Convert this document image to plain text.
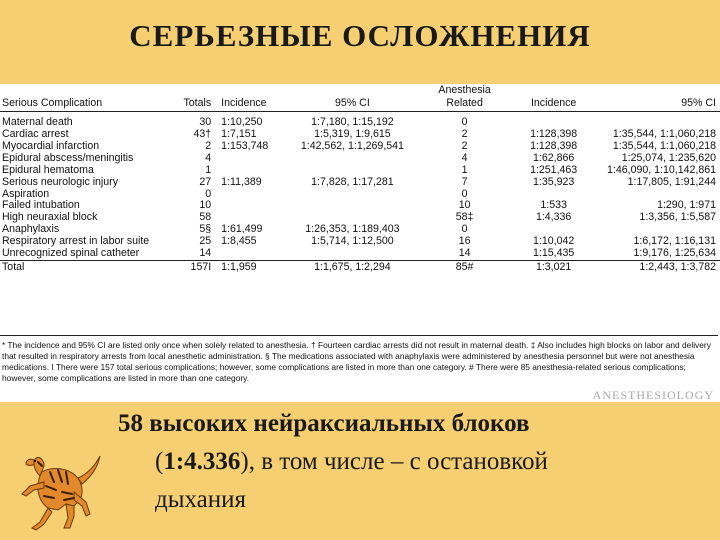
СЕРЬЕЗНЫЕ ОСЛОЖНЕНИЯ
				Anesthesia		
Serious Complication	Totals	Incidence	95% CI	Related	Incidence	95% CI
Maternal death	30	1:10,250	1:7,180, 1:15,192	0		
Cardiac arrest	43†	1:7,151	1:5,319, 1:9,615	2	1:128,398	1:35,544, 1:1,060,218
Myocardial infarction	2	1:153,748	1:42,562, 1:1,269,541	2	1:128,398	1:35,544, 1:1,060,218
Epidural abscess/meningitis	4			4	1:62,866	1:25,074, 1:235,620
Epidural hematoma	1			1	1:251,463	1:46,090, 1:10,142,861
Serious neurologic injury	27	1:11,389	1:7,828, 1:17,281	7	1:35,923	1:17,805, 1:91,244
Aspiration	0			0		
Failed intubation	10			10	1:533	1:290, 1:971
High neuraxial block	58			58‡	1:4,336	1:3,356, 1:5,587
Anaphylaxis	5§	1:61,499	1:26,353, 1:189,403	0		
Respiratory arrest in labor suite	25	1:8,455	1:5,714, 1:12,500	16	1:10,042	1:6,172, 1:16,131
Unrecognized spinal catheter	14			14	1:15,435	1:9,176, 1:25,634
Total	157I	1:1,959	1:1,675, 1:2,294	85#	1:3,021	1:2,443, 1:3,782
* The incidence and 95% CI are listed only once when solely related to anesthesia. † Fourteen cardiac arrests did not result in maternal death. ‡ Also includes high blocks on labor and delivery that resulted in respiratory arrests from local anesthetic administration. § The medications associated with anaphylaxis were administered by anesthesia personnel but were not anesthesia medications. I There were 157 total serious complications; however, some complications are listed in more than one category. # There were 85 anesthesia-related serious complications; however, some complications are listed in more than one category.
ANESTHESIOLOGY
58 высоких нейраксиальных блоков
(1:4.336), в том числе – с остановкой
дыхания
